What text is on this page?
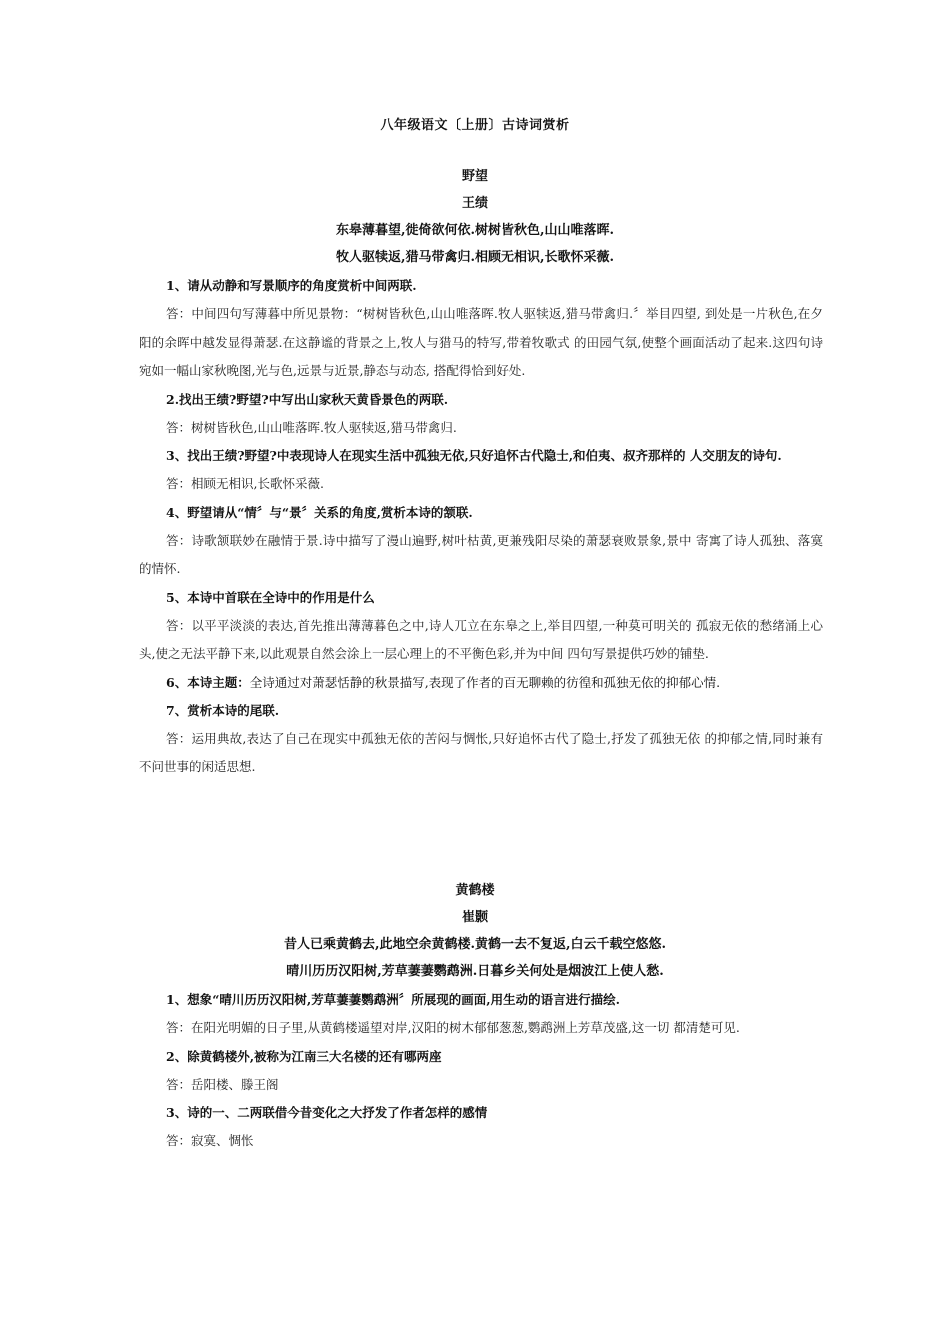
八年级语文〔上册〕古诗词赏析
野望
王绩
东皋薄暮望,徙倚欲何依.树树皆秋色,山山唯落晖.
牧人驱犊返,猎马带禽归.相顾无相识,长歌怀采薇.

1、请从动静和写景顺序的角度赏析中间两联.

答：中间四句写薄暮中所见景物：“树树皆秋色,山山唯落晖.牧人驱犊返,猎马带禽归.〞举目四望, 到处是一片秋色,在夕阳的余晖中越发显得萧瑟.在这静谧的背景之上,牧人与猎马的特写,带着牧歌式 的田园气氛,使整个画面活动了起来.这四句诗宛如一幅山家秋晚图,光与色,远景与近景,静态与动态, 搭配得恰到好处.

2.找出王绩?野望?中写出山家秋天黄昏景色的两联.

答：树树皆秋色,山山唯落晖.牧人驱犊返,猎马带禽归.

3、找出王绩?野望?中表现诗人在现实生活中孤独无依,只好追怀古代隐士,和伯夷、叔齐那样的 人交朋友的诗句.

答：相顾无相识,长歌怀采薇.

4、野望请从“情〞与“景〞关系的角度,赏析本诗的颔联.

答：诗歌颔联妙在融情于景.诗中描写了漫山遍野,树叶枯黄,更兼残阳尽染的萧瑟衰败景象,景中 寄寓了诗人孤独、落寞的情怀.

5、本诗中首联在全诗中的作用是什么

答：以平平淡淡的表达,首先推出薄薄暮色之中,诗人兀立在东皋之上,举目四望,一种莫可明关的 孤寂无依的愁绪涌上心头,使之无法平静下来,以此观景自然会涂上一层心理上的不平衡色彩,并为中间 四句写景提供巧妙的铺垫.

6、本诗主题：全诗通过对萧瑟恬静的秋景描写,表现了作者的百无聊赖的彷徨和孤独无依的抑郁心情.

7、赏析本诗的尾联.

答：运用典故,表达了自己在现实中孤独无依的苦闷与惆怅,只好追怀古代了隐士,抒发了孤独无依 的抑郁之情,同时兼有不问世事的闲适思想.

黄鹤楼
崔颢
昔人已乘黄鹤去,此地空余黄鹤楼.黄鹤一去不复返,白云千载空悠悠.
晴川历历汉阳树,芳草萋萋鹦鹉洲.日暮乡关何处是烟波江上使人愁.

1、想象“晴川历历汉阳树,芳草萋萋鹦鹉洲〞所展现的画面,用生动的语言进行描绘.

答：在阳光明媚的日子里,从黄鹤楼遥望对岸,汉阳的树木郁郁葱葱,鹦鹉洲上芳草茂盛,这一切 都清楚可见.

2、除黄鹤楼外,被称为江南三大名楼的还有哪两座

答：岳阳楼、滕王阁

3、诗的一、二两联借今昔变化之大抒发了作者怎样的感情

答：寂寞、惆怅
